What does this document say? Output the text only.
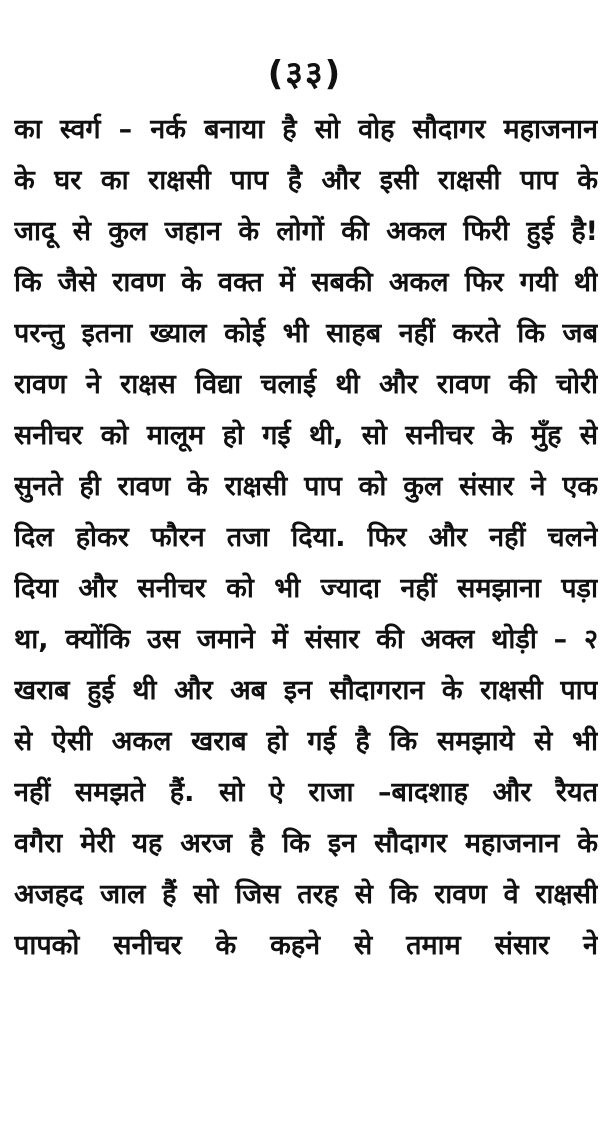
(३३)
का स्वर्ग – नर्क बनाया है सो वोह सौदागर महाजनान
के घर का राक्षसी पाप है और इसी राक्षसी पाप के
जादू से कुल जहान के लोगों की अकल फिरी हुई है!
कि जैसे रावण के वक्त में सबकी अकल फिर गयी थी
परन्तु इतना ख्याल कोई भी साहब नहीं करते कि जब
रावण ने राक्षस विद्या चलाई थी और रावण की चोरी
सनीचर को मालूम हो गई थी, सो सनीचर के मुँह से
सुनते ही रावण के राक्षसी पाप को कुल संसार ने एक
दिल होकर फौरन तजा दिया. फिर और नहीं चलने
दिया और सनीचर को भी ज्यादा नहीं समझाना पड़ा
था, क्योंकि उस जमाने में संसार की अक्ल थोड़ी – २
खराब हुई थी और अब इन सौदागरान के राक्षसी पाप
से ऐसी अकल खराब हो गई है कि समझाये से भी
नहीं समझते हैं. सो ऐ राजा –बादशाह और रैयत
वगैरा मेरी यह अरज है कि इन सौदागर महाजनान के
अजहद जाल हैं सो जिस तरह से कि रावण वे राक्षसी
पापको सनीचर के कहने से तमाम संसार ने
